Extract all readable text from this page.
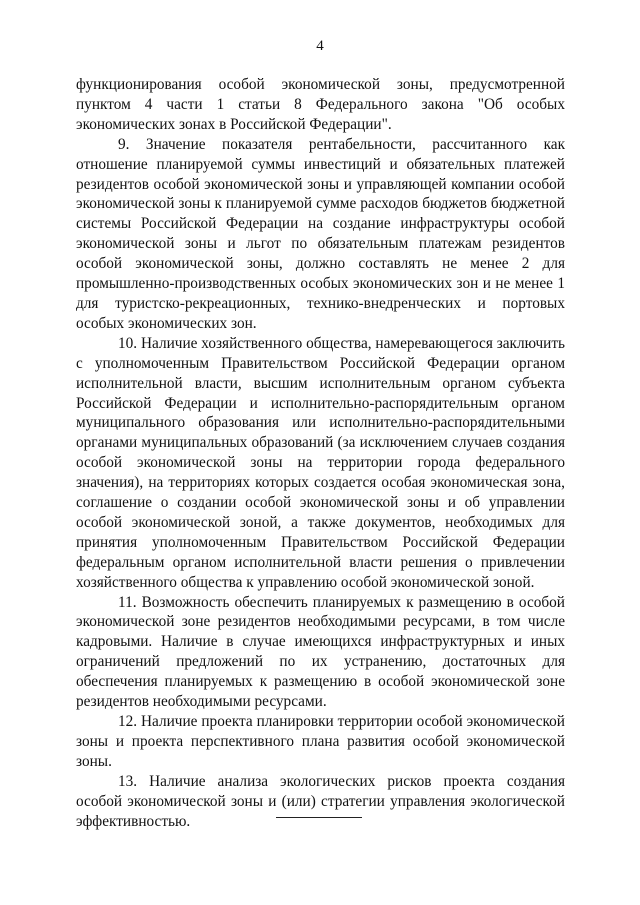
4

функционирования особой экономической зоны, предусмотренной пунктом 4 части 1 статьи 8 Федерального закона "Об особых экономических зонах в Российской Федерации".

9. Значение показателя рентабельности, рассчитанного как отношение планируемой суммы инвестиций и обязательных платежей резидентов особой экономической зоны и управляющей компании особой экономической зоны к планируемой сумме расходов бюджетов бюджетной системы Российской Федерации на создание инфраструктуры особой экономической зоны и льгот по обязательным платежам резидентов особой экономической зоны, должно составлять не менее 2 для промышленно-производственных особых экономических зон и не менее 1 для туристско-рекреационных, технико-внедренческих и портовых особых экономических зон.

10. Наличие хозяйственного общества, намеревающегося заключить с уполномоченным Правительством Российской Федерации органом исполнительной власти, высшим исполнительным органом субъекта Российской Федерации и исполнительно-распорядительным органом муниципального образования или исполнительно-распорядительными органами муниципальных образований (за исключением случаев создания особой экономической зоны на территории города федерального значения), на территориях которых создается особая экономическая зона, соглашение о создании особой экономической зоны и об управлении особой экономической зоной, а также документов, необходимых для принятия уполномоченным Правительством Российской Федерации федеральным органом исполнительной власти решения о привлечении хозяйственного общества к управлению особой экономической зоной.

11. Возможность обеспечить планируемых к размещению в особой экономической зоне резидентов необходимыми ресурсами, в том числе кадровыми. Наличие в случае имеющихся инфраструктурных и иных ограничений предложений по их устранению, достаточных для обеспечения планируемых к размещению в особой экономической зоне резидентов необходимыми ресурсами.

12. Наличие проекта планировки территории особой экономической зоны и проекта перспективного плана развития особой экономической зоны.

13. Наличие анализа экологических рисков проекта создания особой экономической зоны и (или) стратегии управления экологической эффективностью.
